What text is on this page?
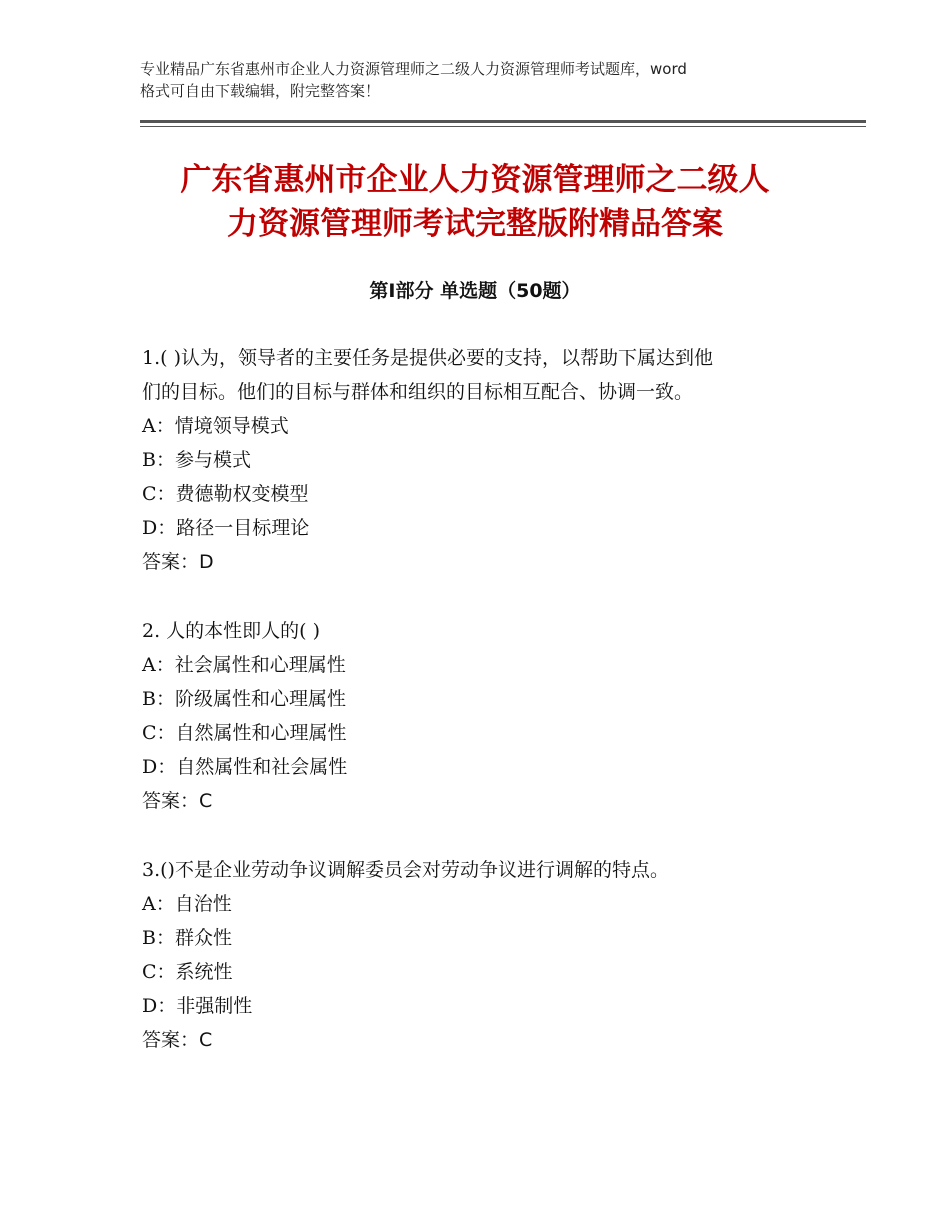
专业精品广东省惠州市企业人力资源管理师之二级人力资源管理师考试题库，word
格式可自由下载编辑，附完整答案！
广东省惠州市企业人力资源管理师之二级人
力资源管理师考试完整版附精品答案
第Ⅰ部分 单选题（50题）
1.( )认为，领导者的主要任务是提供必要的支持，以帮助下属达到他
们的目标。他们的目标与群体和组织的目标相互配合、协调一致。
A：情境领导模式
B：参与模式
C：费德勒权变模型
D：路径一目标理论
答案：D
2. 人的本性即人的( )
A：社会属性和心理属性
B：阶级属性和心理属性
C：自然属性和心理属性
D：自然属性和社会属性
答案：C
3.()不是企业劳动争议调解委员会对劳动争议进行调解的特点。
A：自治性
B：群众性
C：系统性
D：非强制性
答案：C
